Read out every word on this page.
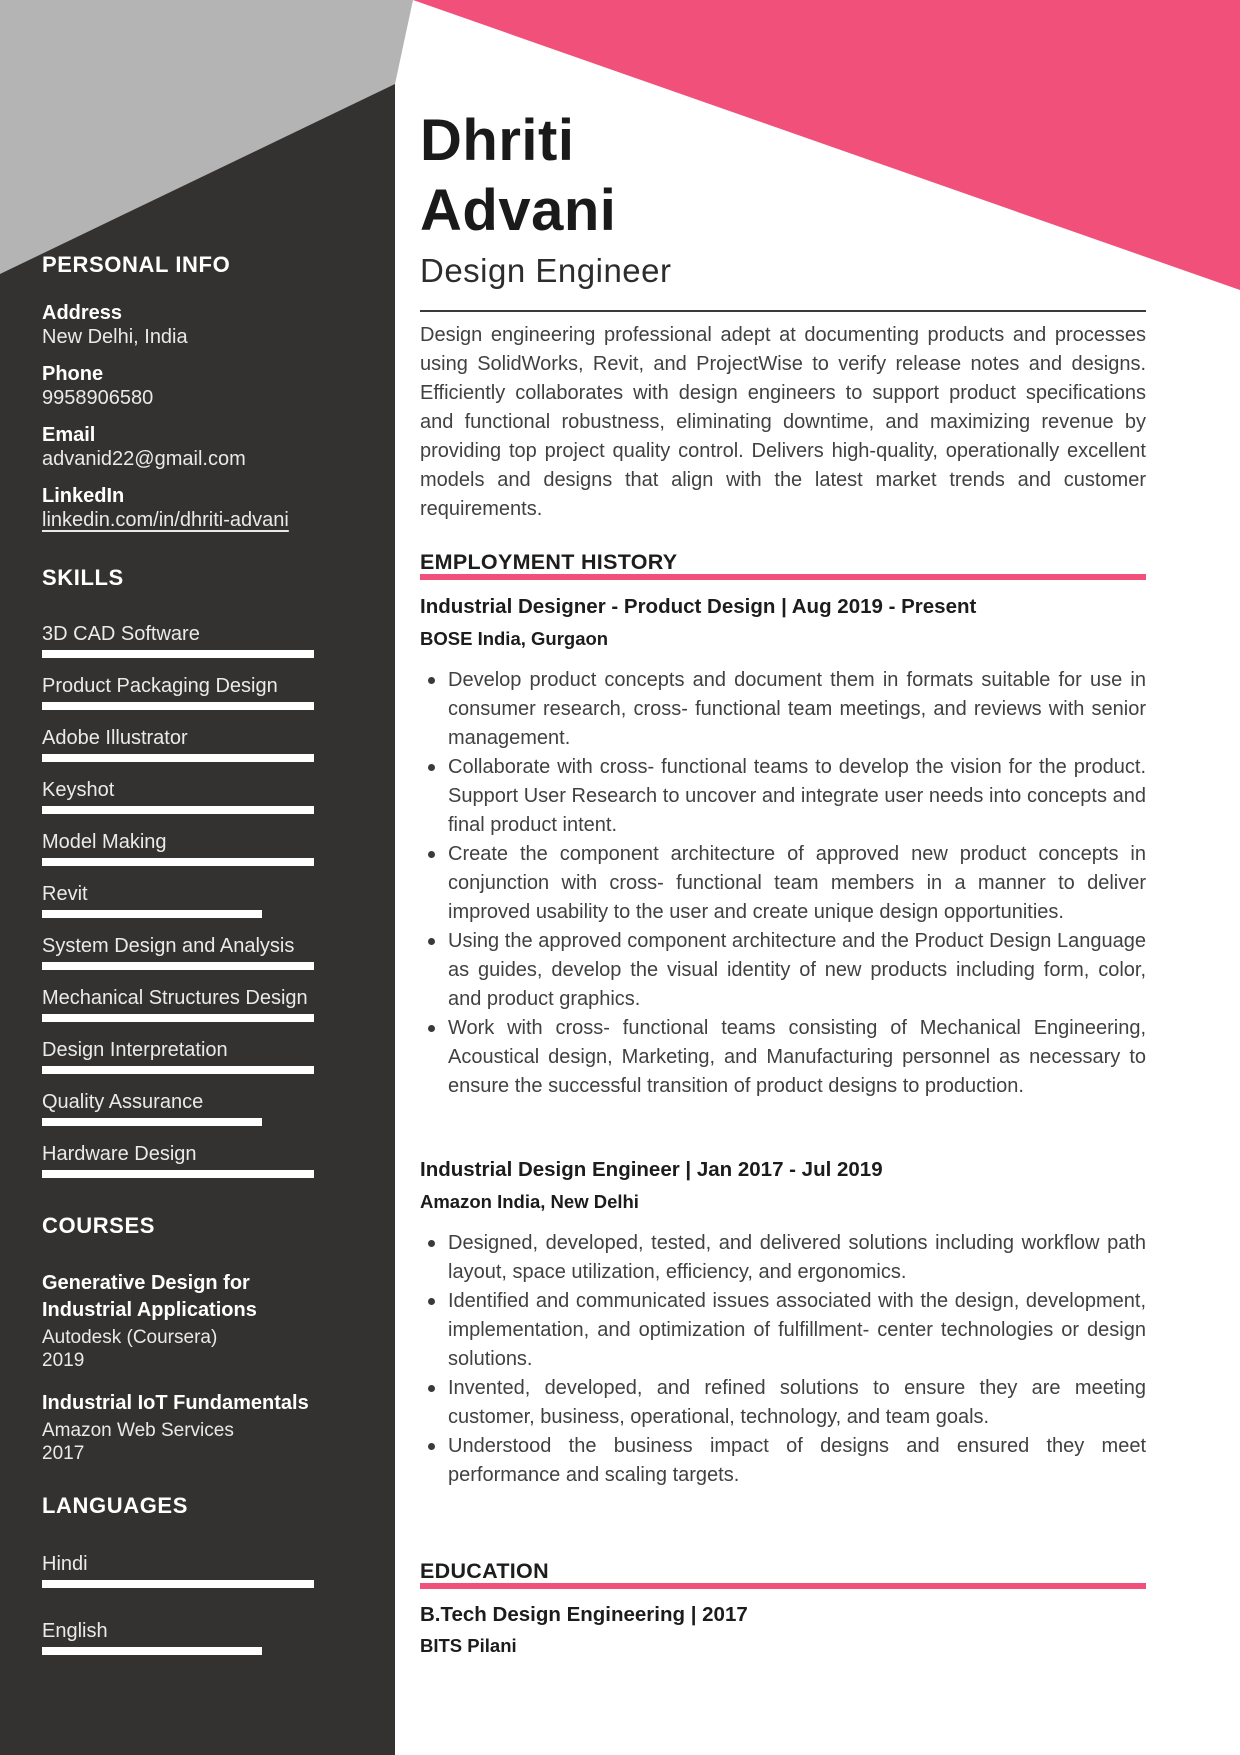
PERSONAL INFO
Address
New Delhi, India
Phone
9958906580
Email
advanid22@gmail.com
LinkedIn
linkedin.com/in/dhriti-advani
SKILLS
3D CAD Software
Product Packaging Design
Adobe Illustrator
Keyshot
Model Making
Revit
System Design and Analysis
Mechanical Structures Design
Design Interpretation
Quality Assurance
Hardware Design
COURSES
Generative Design for Industrial Applications
Autodesk (Coursera)
2019
Industrial IoT Fundamentals
Amazon Web Services
2017
LANGUAGES
Hindi
English
Dhriti
Advani
Design Engineer
Design engineering professional adept at documenting products and processes using SolidWorks, Revit, and ProjectWise to verify release notes and designs. Efficiently collaborates with design engineers to support product specifications and functional robustness, eliminating downtime, and maximizing revenue by providing top project quality control. Delivers high-quality, operationally excellent models and designs that align with the latest market trends and customer requirements.
EMPLOYMENT HISTORY
Industrial Designer - Product Design | Aug 2019 - Present
BOSE India, Gurgaon
Develop product concepts and document them in formats suitable for use in consumer research, cross- functional team meetings, and reviews with senior management.
Collaborate with cross- functional teams to develop the vision for the product. Support User Research to uncover and integrate user needs into concepts and final product intent.
Create the component architecture of approved new product concepts in conjunction with cross- functional team members in a manner to deliver improved usability to the user and create unique design opportunities.
Using the approved component architecture and the Product Design Language as guides, develop the visual identity of new products including form, color, and product graphics.
Work with cross- functional teams consisting of Mechanical Engineering, Acoustical design, Marketing, and Manufacturing personnel as necessary to ensure the successful transition of product designs to production.
Industrial Design Engineer | Jan 2017 - Jul 2019
Amazon India, New Delhi
Designed, developed, tested, and delivered solutions including workflow path layout, space utilization, efficiency, and ergonomics.
Identified and communicated issues associated with the design, development, implementation, and optimization of fulfillment- center technologies or design solutions.
Invented, developed, and refined solutions to ensure they are meeting customer, business, operational, technology, and team goals.
Understood the business impact of designs and ensured they meet performance and scaling targets.
EDUCATION
B.Tech Design Engineering | 2017
BITS Pilani
